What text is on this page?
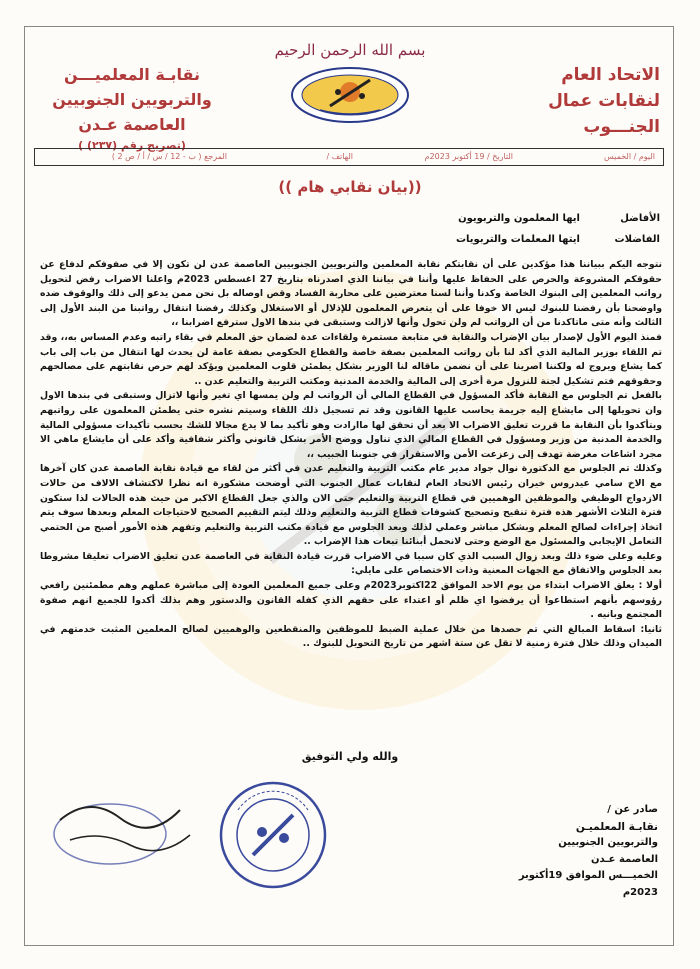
بسم الله الرحمن الرحيم
الاتحاد العام
لنقابات عمال
الجنـــوب
نقابـة المعلميـــن
والتربويين الجنوبيين
العاصمة عـدن
(تصريح رقم (٢٣٧) )
اليوم / الخميس
التاريخ / 19 أكتوبر 2023م
الهاتف /
المرجع ( ب - 12 / س / أ / ص 2 )
((بيان نقابي هام ))
ايها المعلمون والتربويون	الأفاضل
ايتها المعلمات والتربويات	الفاضلات

نتوجه اليكم ببياننا هذا مؤكدين على أن نقابتكم نقابة المعلمين والتربويين الجنوبيين العاصمة عدن لن تكون إلا في صفوفكم لدفاع عن حقوقكم المشروعة والحرص على الحفاظ عليها وأننا في بياننا الذي اصدرناه بتاريخ 27 اغسطس 2023م واعلنا الاضراب رفض لتحويل رواتب المعلمين إلى البنوك الخاصة وكدنا وأننا لسنا معترضين على محاربة الفساد وقص اوصاله بل نحن ممن يدعو إلى ذلك والوقوف ضده واوضحنا بأن رفضنا للبنوك ليس الا خوفا على أن يتعرض المعلمون للإذلال أو الاستغلال وكذلك رفضنا انتقال رواتبنا من البند الأول إلى الثالث وأنه متى ماتاكدنا من أن الرواتب لم ولن تحول وأنها لازالت وستبقى في بندها الاول سترفع اضرابنا ،،

فمنذ اليوم الأول لإصدار بيان الإضراب والنقابة في متابعة مستمرة ولقاءات عدة لضمان حق المعلم في بقاء راتبه وعدم المساس به،، وقد تم اللقاء بوزير المالية الذي أكد لنا بأن رواتب المعلمين بصفة خاصة والقطاع الحكومي بصفة عامة لن يحدث لها انتقال من باب إلى باب كما يشاع ويروج له ولكننا اصرينا على أن نضمن ماقاله لنا الوزير بشكل يطمئن قلوب المعلمين ويؤكد لهم حرص نقابتهم على مصالحهم وحقوقهم فتم تشكيل لجنة للنزول مرة أخرى إلى المالية والخدمة المدنية ومكتب التربية والتعليم عدن ..

بالفعل تم الجلوس مع النقابة فأكد المسؤول في القطاع المالي أن الرواتب لم ولن يمسها اي تغير وأنها لاتزال وستبقى في بندها الاول وان تحويلها إلى مايشاع إليه جريمة يحاسب عليها القانون وقد تم تسجيل ذلك اللقاء وسيتم نشره حتى يطمئن المعلمون على رواتبهم ويتأكدوا بأن النقابة ما قررت تعليق الاضراب الا بعد أن تحقق لها ماارادت وهو تأكيد بما لا يدع مجالا للشك بحسب تأكيدات مسؤولي المالية والخدمة المدنية من وزير ومسؤول في القطاع المالي الذي تناول ووضح الأمر بشكل قانوني وأكثر شفافية وأكد على أن مايشاع ماهي الا مجرد اشاعات مغرضة تهدف إلى زعزعت الأمن والاستقرار في جنوبنا الحبيب ،،

وكذلك تم الجلوس مع الدكتورة نوال جواد مدير عام مكتب التربية والتعليم عدن في أكثر من لقاء مع قيادة نقابة العاصمة عدن كان آخرها مع الاخ سامي عيدروس خيران رئيس الاتحاد العام لنقابات عمال الجنوب التي أوضحت مشكورة انه نظرا لاكتشاف الالاف من حالات الازدواج الوظيفي والموظفين الوهميين في قطاع التربية والتعليم حتى الان والذي جعل القطاع الاكبر من حيث هذه الحالات لذا ستكون فترة الثلاث الأشهر هذه فترة تنقيح وتصحيح كشوفات قطاع التربية والتعليم وذلك ليتم التقييم الصحيح لاحتياجات المعلم وبعدها سوف يتم اتخاذ إجراءات لصالح المعلم وبشكل مباشر وعملي لذلك وبعد الجلوس مع قيادة مكتب التربية والتعليم وتفهم هذه الأمور أصبح من الحتمي التعامل الإيجابي والمسئول مع الوضع وحتى لانحمل أبنائنا تبعات هذا الإضراب ..

وعليه وعلى ضوء ذلك وبعد زوال السبب الذي كان سببا في الاضراب قررت قيادة النقابة في العاصمة عدن تعليق الاضراب تعليقا مشروطا بعد الجلوس والاتفاق مع الجهات المعنية وذات الاختصاص على مايلي:

أولا : يعلق الاضراب ابتداء من يوم الاحد الموافق 22اكتوبر2023م وعلى جميع المعلمين العودة إلى مباشرة عملهم وهم مطمئنين رافعي رؤوسهم بأنهم استطاعوا أن يرفضوا اي ظلم أو اعتداء على حقهم الذي كفله القانون والدستور وهم بذلك أكدوا للجميع انهم صفوة المجتمع وبانيه .

ثانيا: اسقاط المبالغ التي تم حصدها من خلال عملية الضبط للموظفين والمنقطعين والوهميين لصالح المعلمين المثبت خدمتهم في الميدان وذلك خلال فترة زمنية لا تقل عن ستة اشهر من تاريخ التحويل للبنوك ..

والله ولي التوفيق
صادر عن /
نقابـة المعلميـن
والتربويين الجنوبيين
العاصمة عـدن
الخميـــس الموافق 19أكتوبر 2023م
